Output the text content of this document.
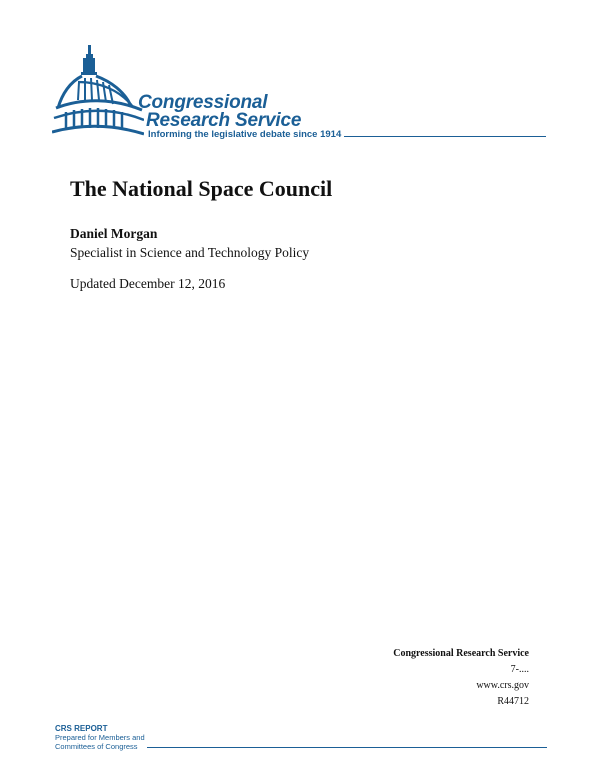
Congressional
Research Service
Informing the legislative debate since 1914
The National Space Council
Daniel Morgan
Specialist in Science and Technology Policy
Updated December 12, 2016
Congressional Research Service
7-....
www.crs.gov
R44712
CRS REPORT
Prepared for Members and
Committees of Congress
